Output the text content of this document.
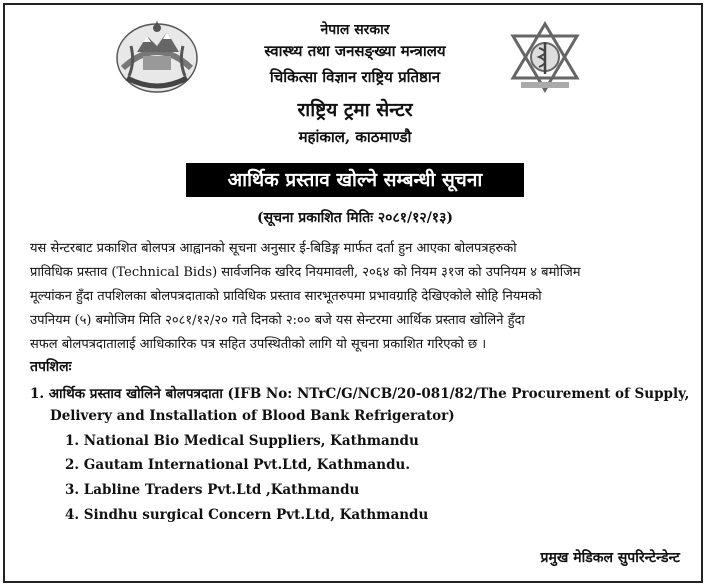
नेपाल सरकार
स्वास्थ्य तथा जनसङ्ख्या मन्त्रालय
चिकित्सा विज्ञान राष्ट्रिय प्रतिष्ठान
राष्ट्रिय ट्रमा सेन्टर
महांकाल, काठमाण्डौ
आर्थिक प्रस्ताव खोल्ने सम्बन्धी सूचना
(सूचना प्रकाशित मितिः २०८१/१२/१३)
यस सेन्टरबाट प्रकाशित बोलपत्र आह्वानको सूचना अनुसार ई-बिडिङ्ग मार्फत दर्ता हुन आएका बोलपत्रहरुको
प्राविधिक प्रस्ताव (Technical Bids) सार्वजनिक खरिद नियमावली, २०६४ को नियम ३१ज को उपनियम ४ बमोजिम
मूल्यांकन हुँदा तपशिलका बोलपत्रदाताको प्राविधिक प्रस्ताव सारभूतरुपमा प्रभावग्राहि देखिएकोले सोहि नियमको
उपनियम (५) बमोजिम मिति २०८१/१२/२० गते दिनको २:०० बजे यस सेन्टरमा आर्थिक प्रस्ताव खोलिने हुँदा
सफल बोलपत्रदातालाई आधिकारिक पत्र सहित उपस्थितीको लागि यो सूचना प्रकाशित गरिएको छ ।
तपशिलः
1. आर्थिक प्रस्ताव खोलिने बोलपत्रदाता (IFB No: NTrC/G/NCB/20-081/82/The Procurement of Supply,
Delivery and Installation of Blood Bank Refrigerator)
1. National Bio Medical Suppliers, Kathmandu
2. Gautam International Pvt.Ltd, Kathmandu.
3. Labline Traders Pvt.Ltd ,Kathmandu
4. Sindhu surgical Concern Pvt.Ltd, Kathmandu
प्रमुख मेडिकल सुपरिन्टेन्डेन्ट
